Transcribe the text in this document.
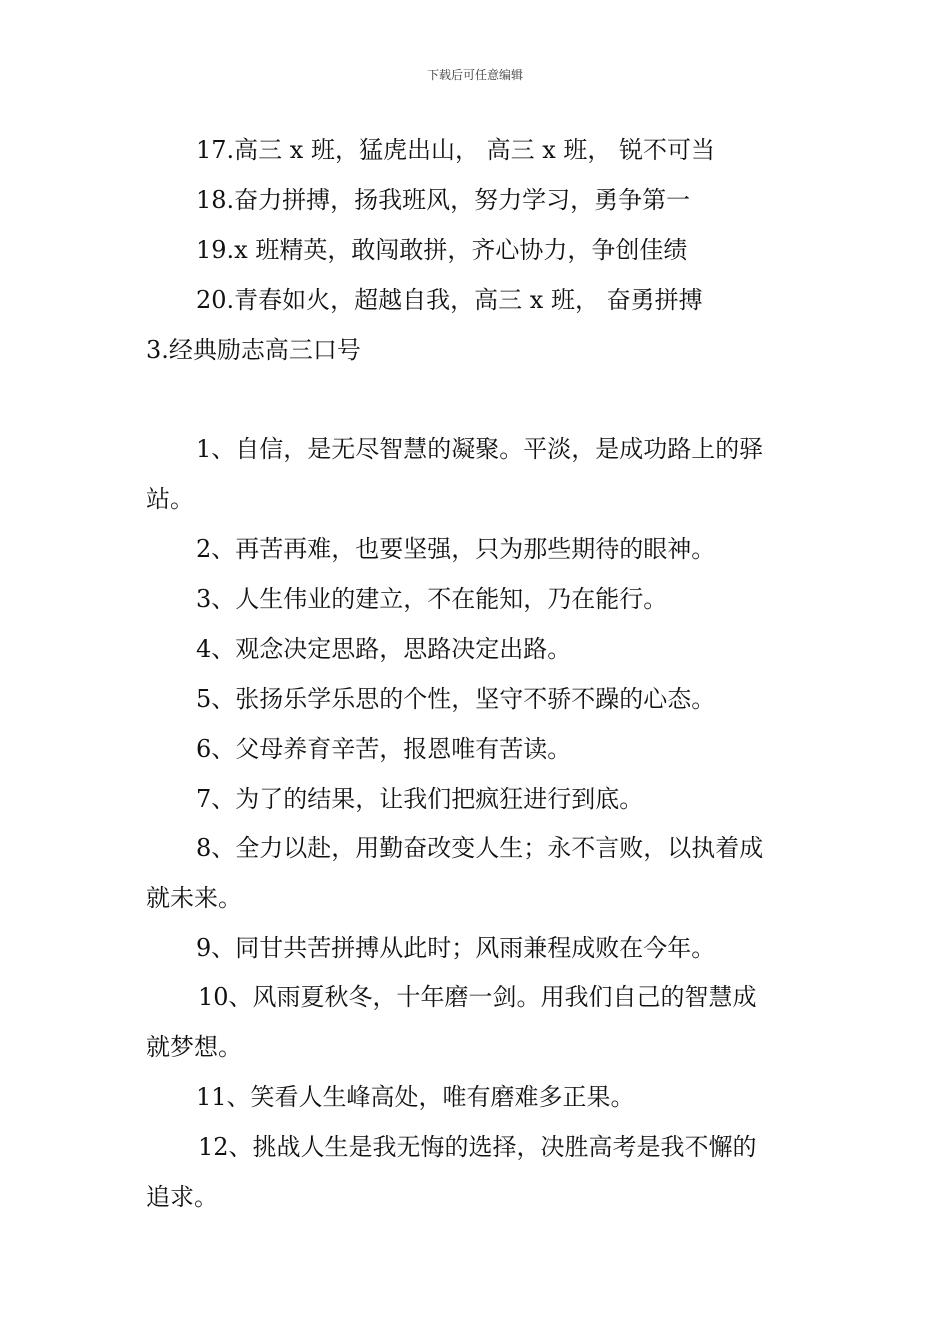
下载后可任意编辑
17.高三 x 班，猛虎出山， 高三 x 班， 锐不可当
18.奋力拼搏，扬我班风，努力学习，勇争第一
19.x 班精英，敢闯敢拼，齐心协力，争创佳绩
20.青春如火，超越自我，高三 x 班， 奋勇拼搏
3.经典励志高三口号
1、自信，是无尽智慧的凝聚。平淡，是成功路上的驿
站。
2、再苦再难，也要坚强，只为那些期待的眼神。
3、人生伟业的建立，不在能知，乃在能行。
4、观念决定思路，思路决定出路。
5、张扬乐学乐思的个性，坚守不骄不躁的心态。
6、父母养育辛苦，报恩唯有苦读。
7、为了的结果，让我们把疯狂进行到底。
8、全力以赴，用勤奋改变人生；永不言败，以执着成
就未来。
9、同甘共苦拼搏从此时；风雨兼程成败在今年。
10、风雨夏秋冬，十年磨一剑。用我们自己的智慧成
就梦想。
11、笑看人生峰高处，唯有磨难多正果。
12、挑战人生是我无悔的选择，决胜高考是我不懈的
追求。
